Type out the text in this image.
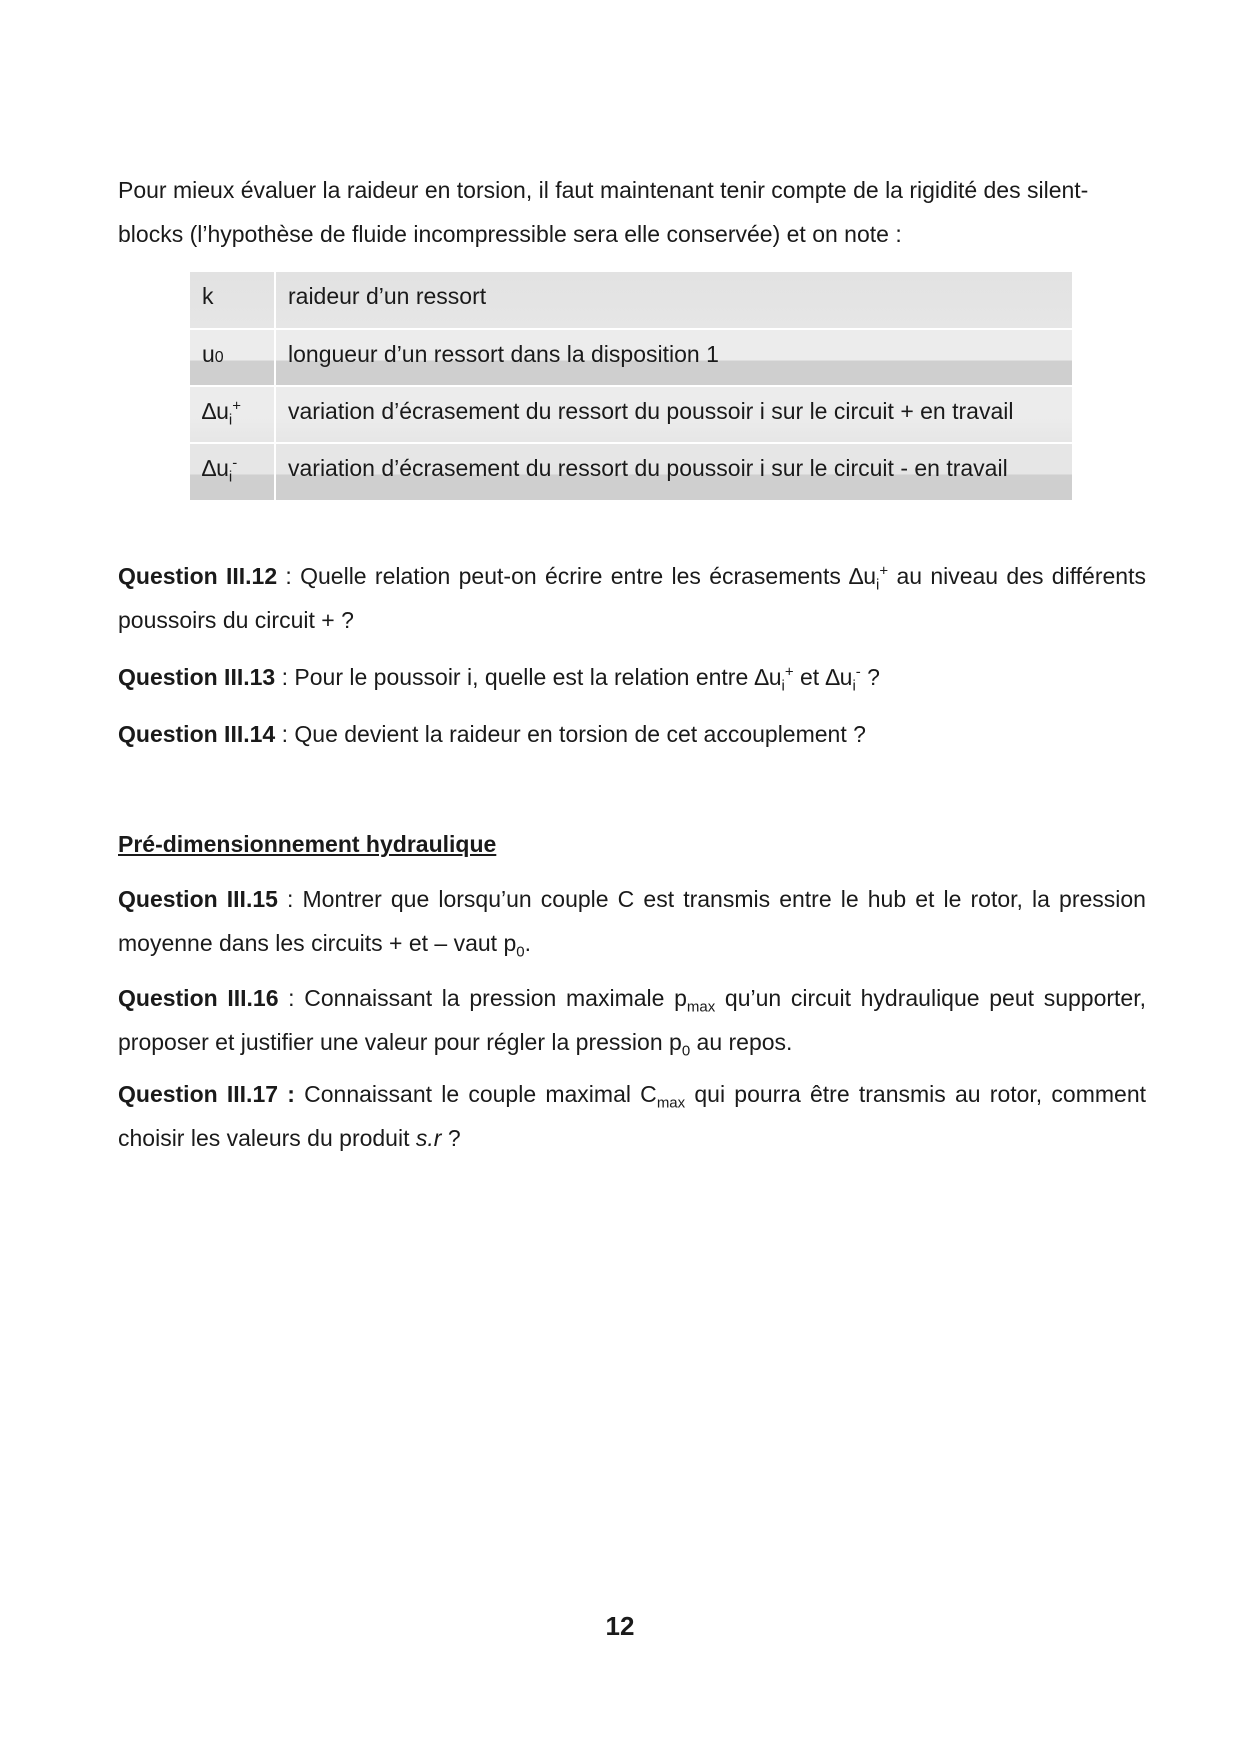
Pour mieux évaluer la raideur en torsion, il faut maintenant tenir compte de la rigidité des silent-
blocks (l’hypothèse de fluide incompressible sera elle conservée) et on note :

k	raideur d’un ressort
u0	longueur d’un ressort dans la disposition 1
$\Delta u_i^+$	variation d’écrasement du ressort du poussoir i sur le circuit + en travail
$\Delta u_i^-$	variation d’écrasement du ressort du poussoir i sur le circuit - en travail

Question III.12 : Quelle relation peut-on écrire entre les écrasements $\Delta u_i^+$ au niveau des différents poussoirs du circuit + ?

Question III.13 : Pour le poussoir i, quelle est la relation entre $\Delta u_i^+$ et $\Delta u_i^-$ ?

Question III.14 : Que devient la raideur en torsion de cet accouplement ?

Pré-dimensionnement hydraulique

Question III.15 : Montrer que lorsqu’un couple C est transmis entre le hub et le rotor, la pression moyenne dans les circuits + et – vaut $p_0$.

Question III.16 : Connaissant la pression maximale $p_{max}$ qu’un circuit hydraulique peut supporter, proposer et justifier une valeur pour régler la pression $p_0$ au repos.

Question III.17 : Connaissant le couple maximal $C_{max}$ qui pourra être transmis au rotor, comment choisir les valeurs du produit s.r ?

12
